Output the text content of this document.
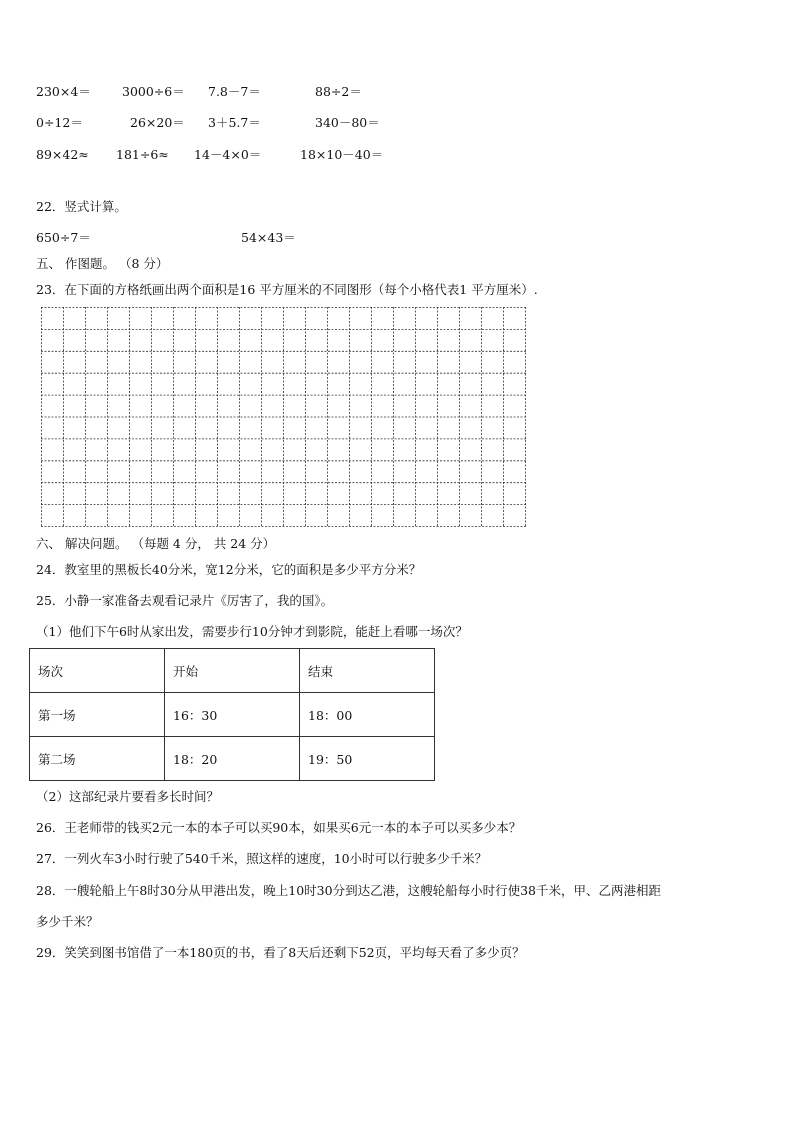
230×4＝ 3000÷6＝ 7.8－7＝	88÷2＝
0÷12＝	26×20＝ 3＋5.7＝	340－80＝
89×42≈ 181÷6≈ 14－4×0＝	18×10－40＝
22．竖式计算。
650÷7＝	54×43＝
五、 作图题。 （8 分）
23．在下面的方格纸画出两个面积是16 平方厘米的不同图形（每个小格代表1 平方厘米）.
六、 解决问题。 （每题 4 分， 共 24 分）
24．教室里的黑板长40分米，宽12分米，它的面积是多少平方分米？
25．小静一家准备去观看记录片《厉害了，我的国》。
（1）他们下午6时从家出发，需要步行10分钟才到影院，能赶上看哪一场次？
场次	开始	结束
第一场	16：30	18：00
第二场	18：20	19：50
（2）这部纪录片要看多长时间？
26．王老师带的钱买2元一本的本子可以买90本，如果买6元一本的本子可以买多少本？
27．一列火车3小时行驶了540千米，照这样的速度，10小时可以行驶多少千米？
28．一艘轮船上午8时30分从甲港出发，晚上10时30分到达乙港，这艘轮船每小时行使38千米，甲、乙两港相距
多少千米？
29．笑笑到图书馆借了一本180页的书，看了8天后还剩下52页，平均每天看了多少页？
